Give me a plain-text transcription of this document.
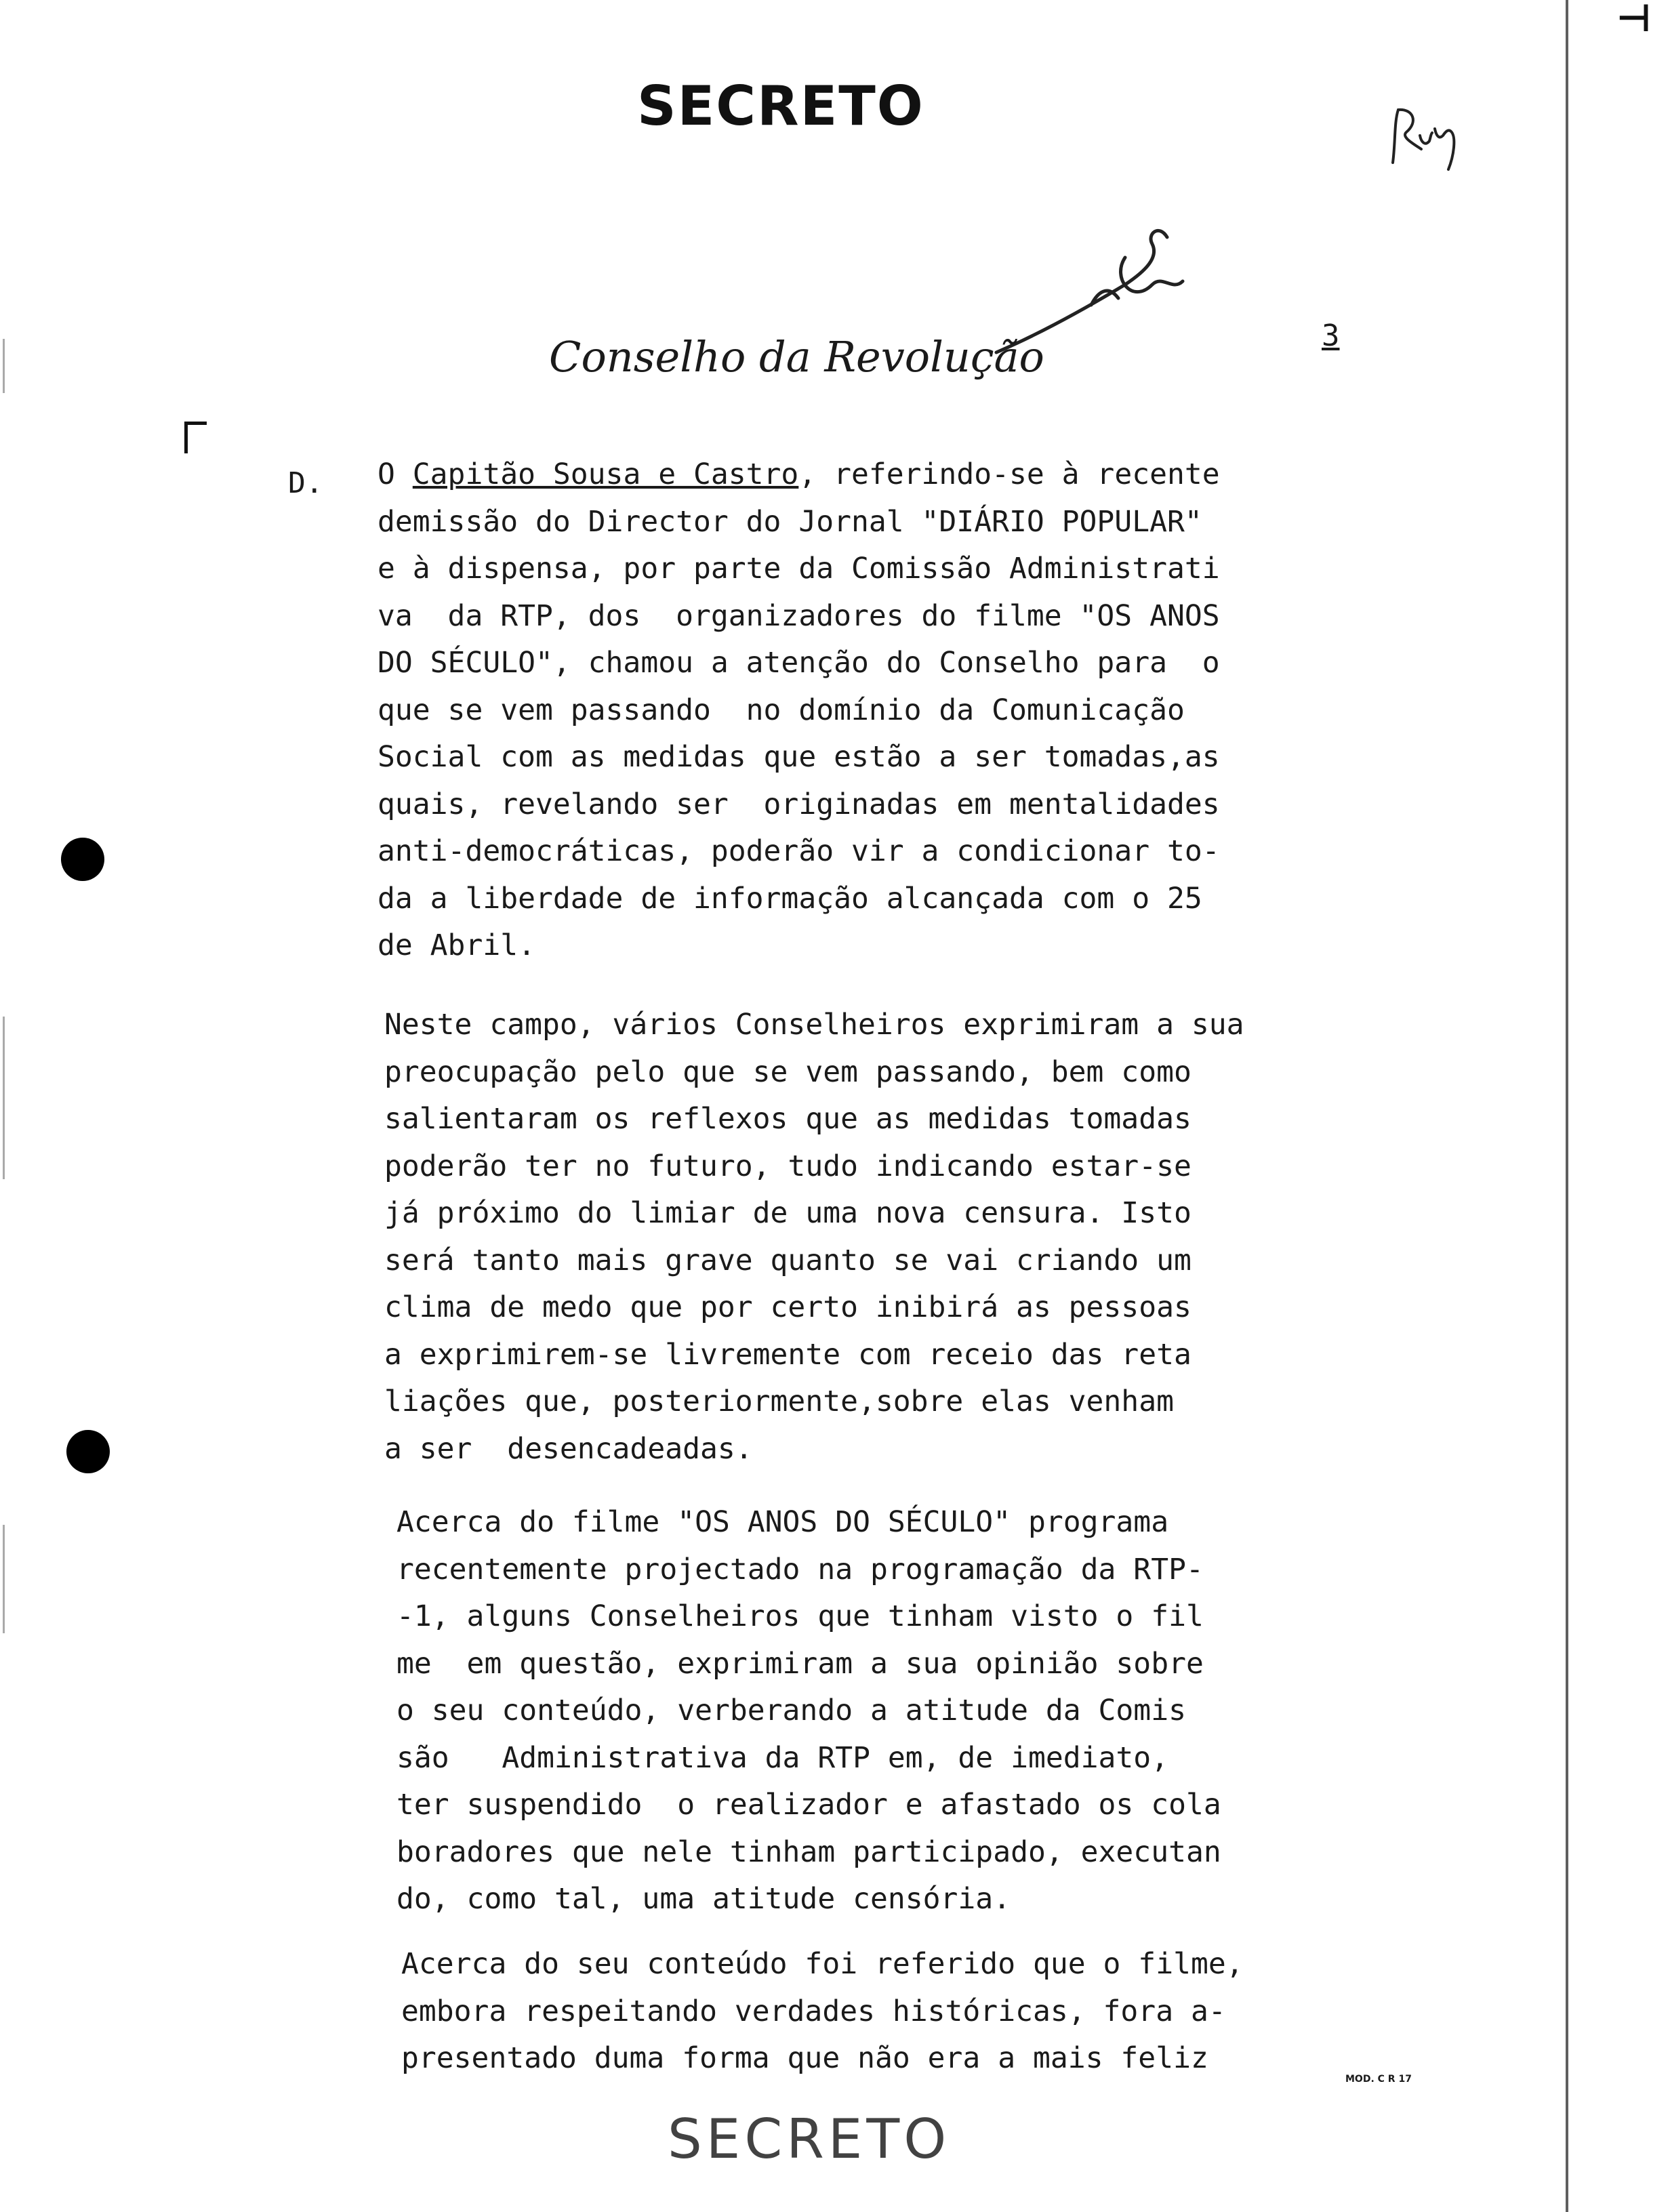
⊣
SECRETO
Conselho da Revolução	3
D. O Capitão Sousa e Castro, referindo-se à recente
demissão do Director do Jornal "DIÁRIO POPULAR"
e à dispensa, por parte da Comissão Administrati
va  da RTP, dos  organizadores do filme "OS ANOS
DO SÉCULO", chamou a atenção do Conselho para  o
que se vem passando  no domínio da Comunicação
Social com as medidas que estão a ser tomadas,as
quais, revelando ser  originadas em mentalidades
anti-democráticas, poderão vir a condicionar to-
da a liberdade de informação alcançada com o 25
de Abril.
Neste campo, vários Conselheiros exprimiram a sua
preocupação pelo que se vem passando, bem como
salientaram os reflexos que as medidas tomadas
poderão ter no futuro, tudo indicando estar-se
já próximo do limiar de uma nova censura. Isto
será tanto mais grave quanto se vai criando um
clima de medo que por certo inibirá as pessoas
a exprimirem-se livremente com receio das reta
liações que, posteriormente,sobre elas venham
a ser  desencadeadas.
Acerca do filme "OS ANOS DO SÉCULO" programa
recentemente projectado na programação da RTP-
-1, alguns Conselheiros que tinham visto o fil
me  em questão, exprimiram a sua opinião sobre
o seu conteúdo, verberando a atitude da Comis
são   Administrativa da RTP em, de imediato,
ter suspendido  o realizador e afastado os cola
boradores que nele tinham participado, executan
do, como tal, uma atitude censória.
Acerca do seu conteúdo foi referido que o filme,
embora respeitando verdades históricas, fora a-
presentado duma forma que não era a mais feliz
MOD. C R 17
SECRETO
